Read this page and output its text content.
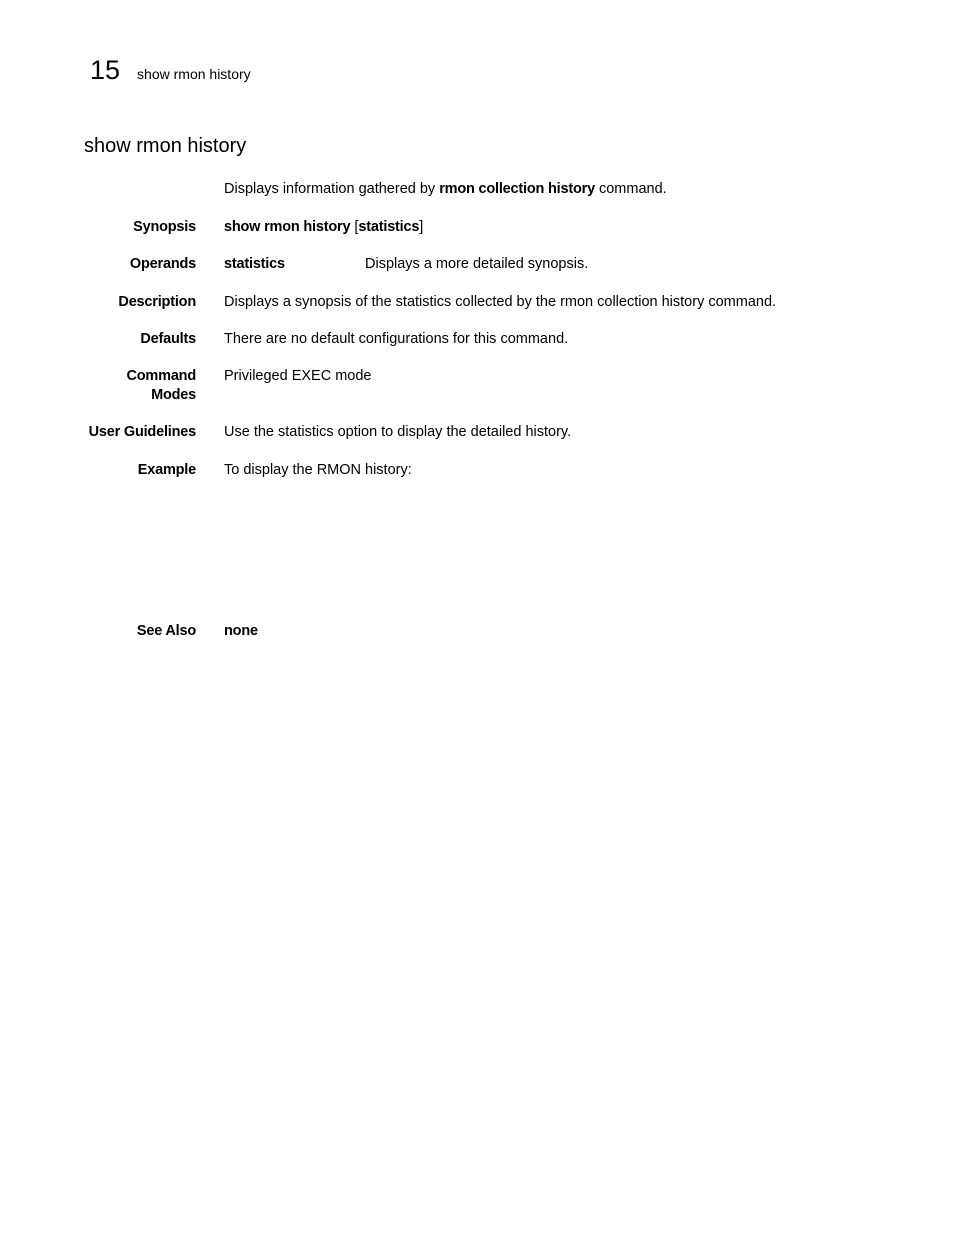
15 show rmon history
show rmon history
Displays information gathered by rmon collection history command.
Synopsis show rmon history [statistics]
Operands statistics	Displays a more detailed synopsis.
Description Displays a synopsis of the statistics collected by the rmon collection history command.
Defaults There are no default configurations for this command.
Command
Modes
Privileged EXEC mode
User Guidelines Use the statistics option to display the detailed history.
Example To display the RMON history:
See Also none
